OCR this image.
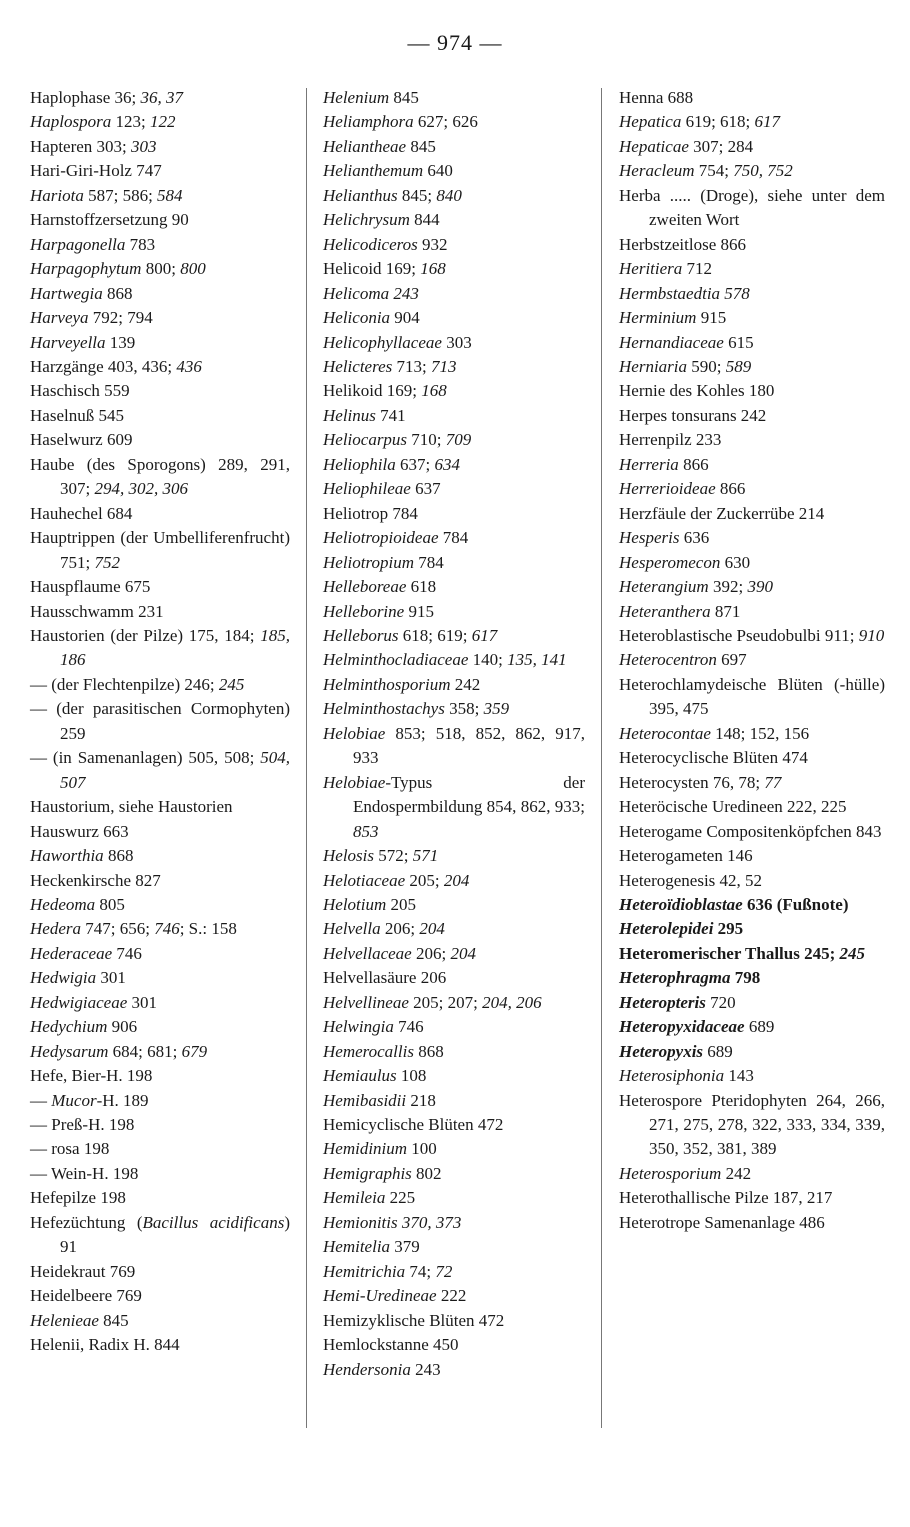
— 974 —

Haplophase 36; 36, 37

Haplospora 123; 122

Hapteren 303; 303

Hari-Giri-Holz 747

Hariota 587; 586; 584

Harnstoffzersetzung 90

Harpagonella 783

Harpagophytum 800; 800

Hartwegia 868

Harveya 792; 794

Harveyella 139

Harzgänge 403, 436; 436

Haschisch 559

Haselnuß 545

Haselwurz 609

Haube (des Sporogons) 289, 291, 307; 294, 302, 306

Hauhechel 684

Hauptrippen (der Umbelliferenfrucht) 751; 752

Hauspflaume 675

Hausschwamm 231

Haustorien (der Pilze) 175, 184; 185, 186

— (der Flechtenpilze) 246; 245

— (der parasitischen Cormophyten) 259

— (in Samenanlagen) 505, 508; 504, 507

Haustorium, siehe Haustorien

Hauswurz 663

Haworthia 868

Heckenkirsche 827

Hedeoma 805

Hedera 747; 656; 746; S.: 158

Hederaceae 746

Hedwigia 301

Hedwigiaceae 301

Hedychium 906

Hedysarum 684; 681; 679

Hefe, Bier-H. 198

— Mucor-H. 189

— Preß-H. 198

— rosa 198

— Wein-H. 198

Hefepilze 198

Hefezüchtung (Bacillus acidificans) 91

Heidekraut 769

Heidelbeere 769

Helenieae 845

Helenii, Radix H. 844

Helenium 845

Heliamphora 627; 626

Heliantheae 845

Helianthemum 640

Helianthus 845; 840

Helichrysum 844

Helicodiceros 932

Helicoid 169; 168

Helicoma 243

Heliconia 904

Helicophyllaceae 303

Helicteres 713; 713

Helikoid 169; 168

Helinus 741

Heliocarpus 710; 709

Heliophila 637; 634

Heliophileae 637

Heliotrop 784

Heliotropioideae 784

Heliotropium 784

Helleboreae 618

Helleborine 915

Helleborus 618; 619; 617

Helminthocladiaceae 140; 135, 141

Helminthosporium 242

Helminthostachys 358; 359

Helobiae 853; 518, 852, 862, 917, 933

Helobiae-Typus der Endospermbildung 854, 862, 933; 853

Helosis 572; 571

Helotiaceae 205; 204

Helotium 205

Helvella 206; 204

Helvellaceae 206; 204

Helvellasäure 206

Helvellineae 205; 207; 204, 206

Helwingia 746

Hemerocallis 868

Hemiaulus 108

Hemibasidii 218

Hemicyclische Blüten 472

Hemidinium 100

Hemigraphis 802

Hemileia 225

Hemionitis 370, 373

Hemitelia 379

Hemitrichia 74; 72

Hemi-Uredineae 222

Hemizyklische Blüten 472

Hemlockstanne 450

Hendersonia 243

Henna 688

Hepatica 619; 618; 617

Hepaticae 307; 284

Heracleum 754; 750, 752

Herba ..... (Droge), siehe unter dem zweiten Wort

Herbstzeitlose 866

Heritiera 712

Hermbstaedtia 578

Herminium 915

Hernandiaceae 615

Herniaria 590; 589

Hernie des Kohles 180

Herpes tonsurans 242

Herrenpilz 233

Herreria 866

Herrerioideae 866

Herzfäule der Zuckerrübe 214

Hesperis 636

Hesperomecon 630

Heterangium 392; 390

Heteranthera 871

Heteroblastische Pseudobulbi 911; 910

Heterocentron 697

Heterochlamydeische Blüten (-hülle) 395, 475

Heterocontae 148; 152, 156

Heterocyclische Blüten 474

Heterocysten 76, 78; 77

Heteröcische Uredineen 222, 225

Heterogame Compositenköpfchen 843

Heterogameten 146

Heterogenesis 42, 52

Heteroïdioblastae 636 (Fußnote)

Heterolepidei 295

Heteromerischer Thallus 245; 245

Heterophragma 798

Heteropteris 720

Heteropyxidaceae 689

Heteropyxis 689

Heterosiphonia 143

Heterospore Pteridophyten 264, 266, 271, 275, 278, 322, 333, 334, 339, 350, 352, 381, 389

Heterosporium 242

Heterothallische Pilze 187, 217

Heterotrope Samenanlage 486
